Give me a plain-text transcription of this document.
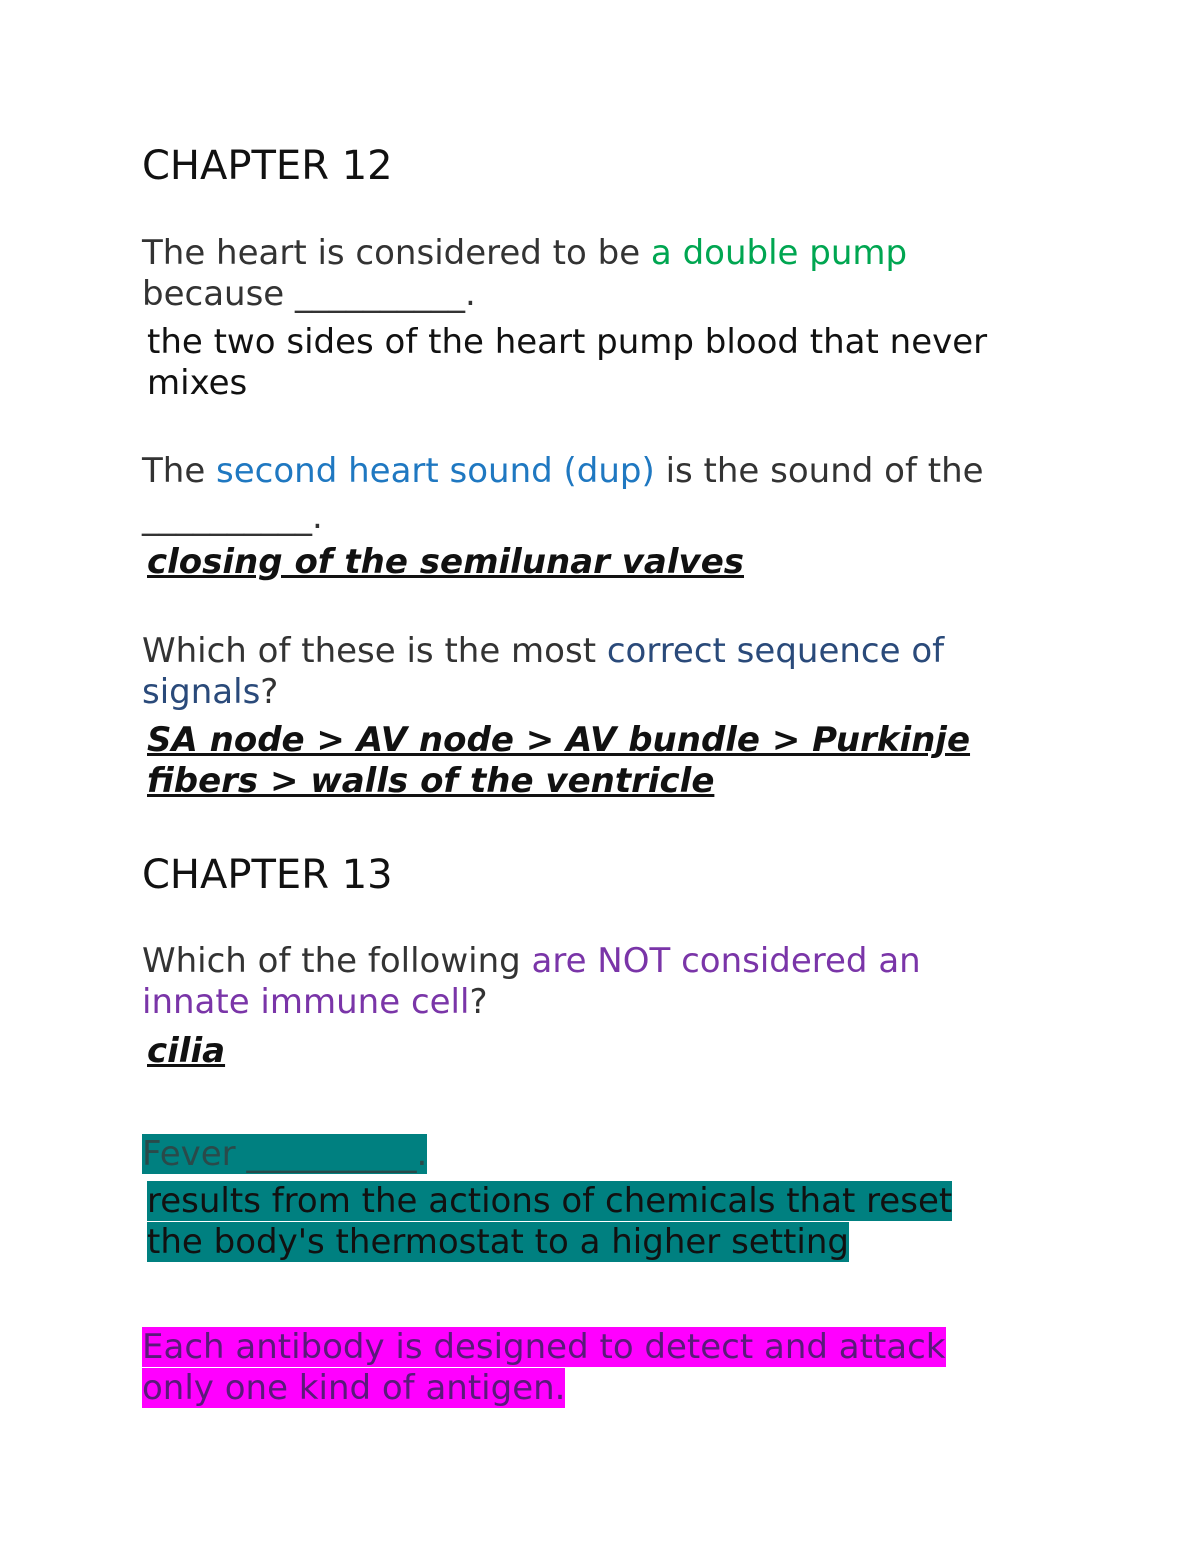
CHAPTER 12
The heart is considered to be a double pump
because __________.
the two sides of the heart pump blood that never
mixes
The second heart sound (dup) is the sound of the
__________.
closing of the semilunar valves
Which of these is the most correct sequence of
signals?
SA node > AV node > AV bundle > Purkinje
fibers > walls of the ventricle
CHAPTER 13
Which of the following are NOT considered an
innate immune cell?
cilia
Fever __________.
results from the actions of chemicals that reset
the body's thermostat to a higher setting
Each antibody is designed to detect and attack
only one kind of antigen.
